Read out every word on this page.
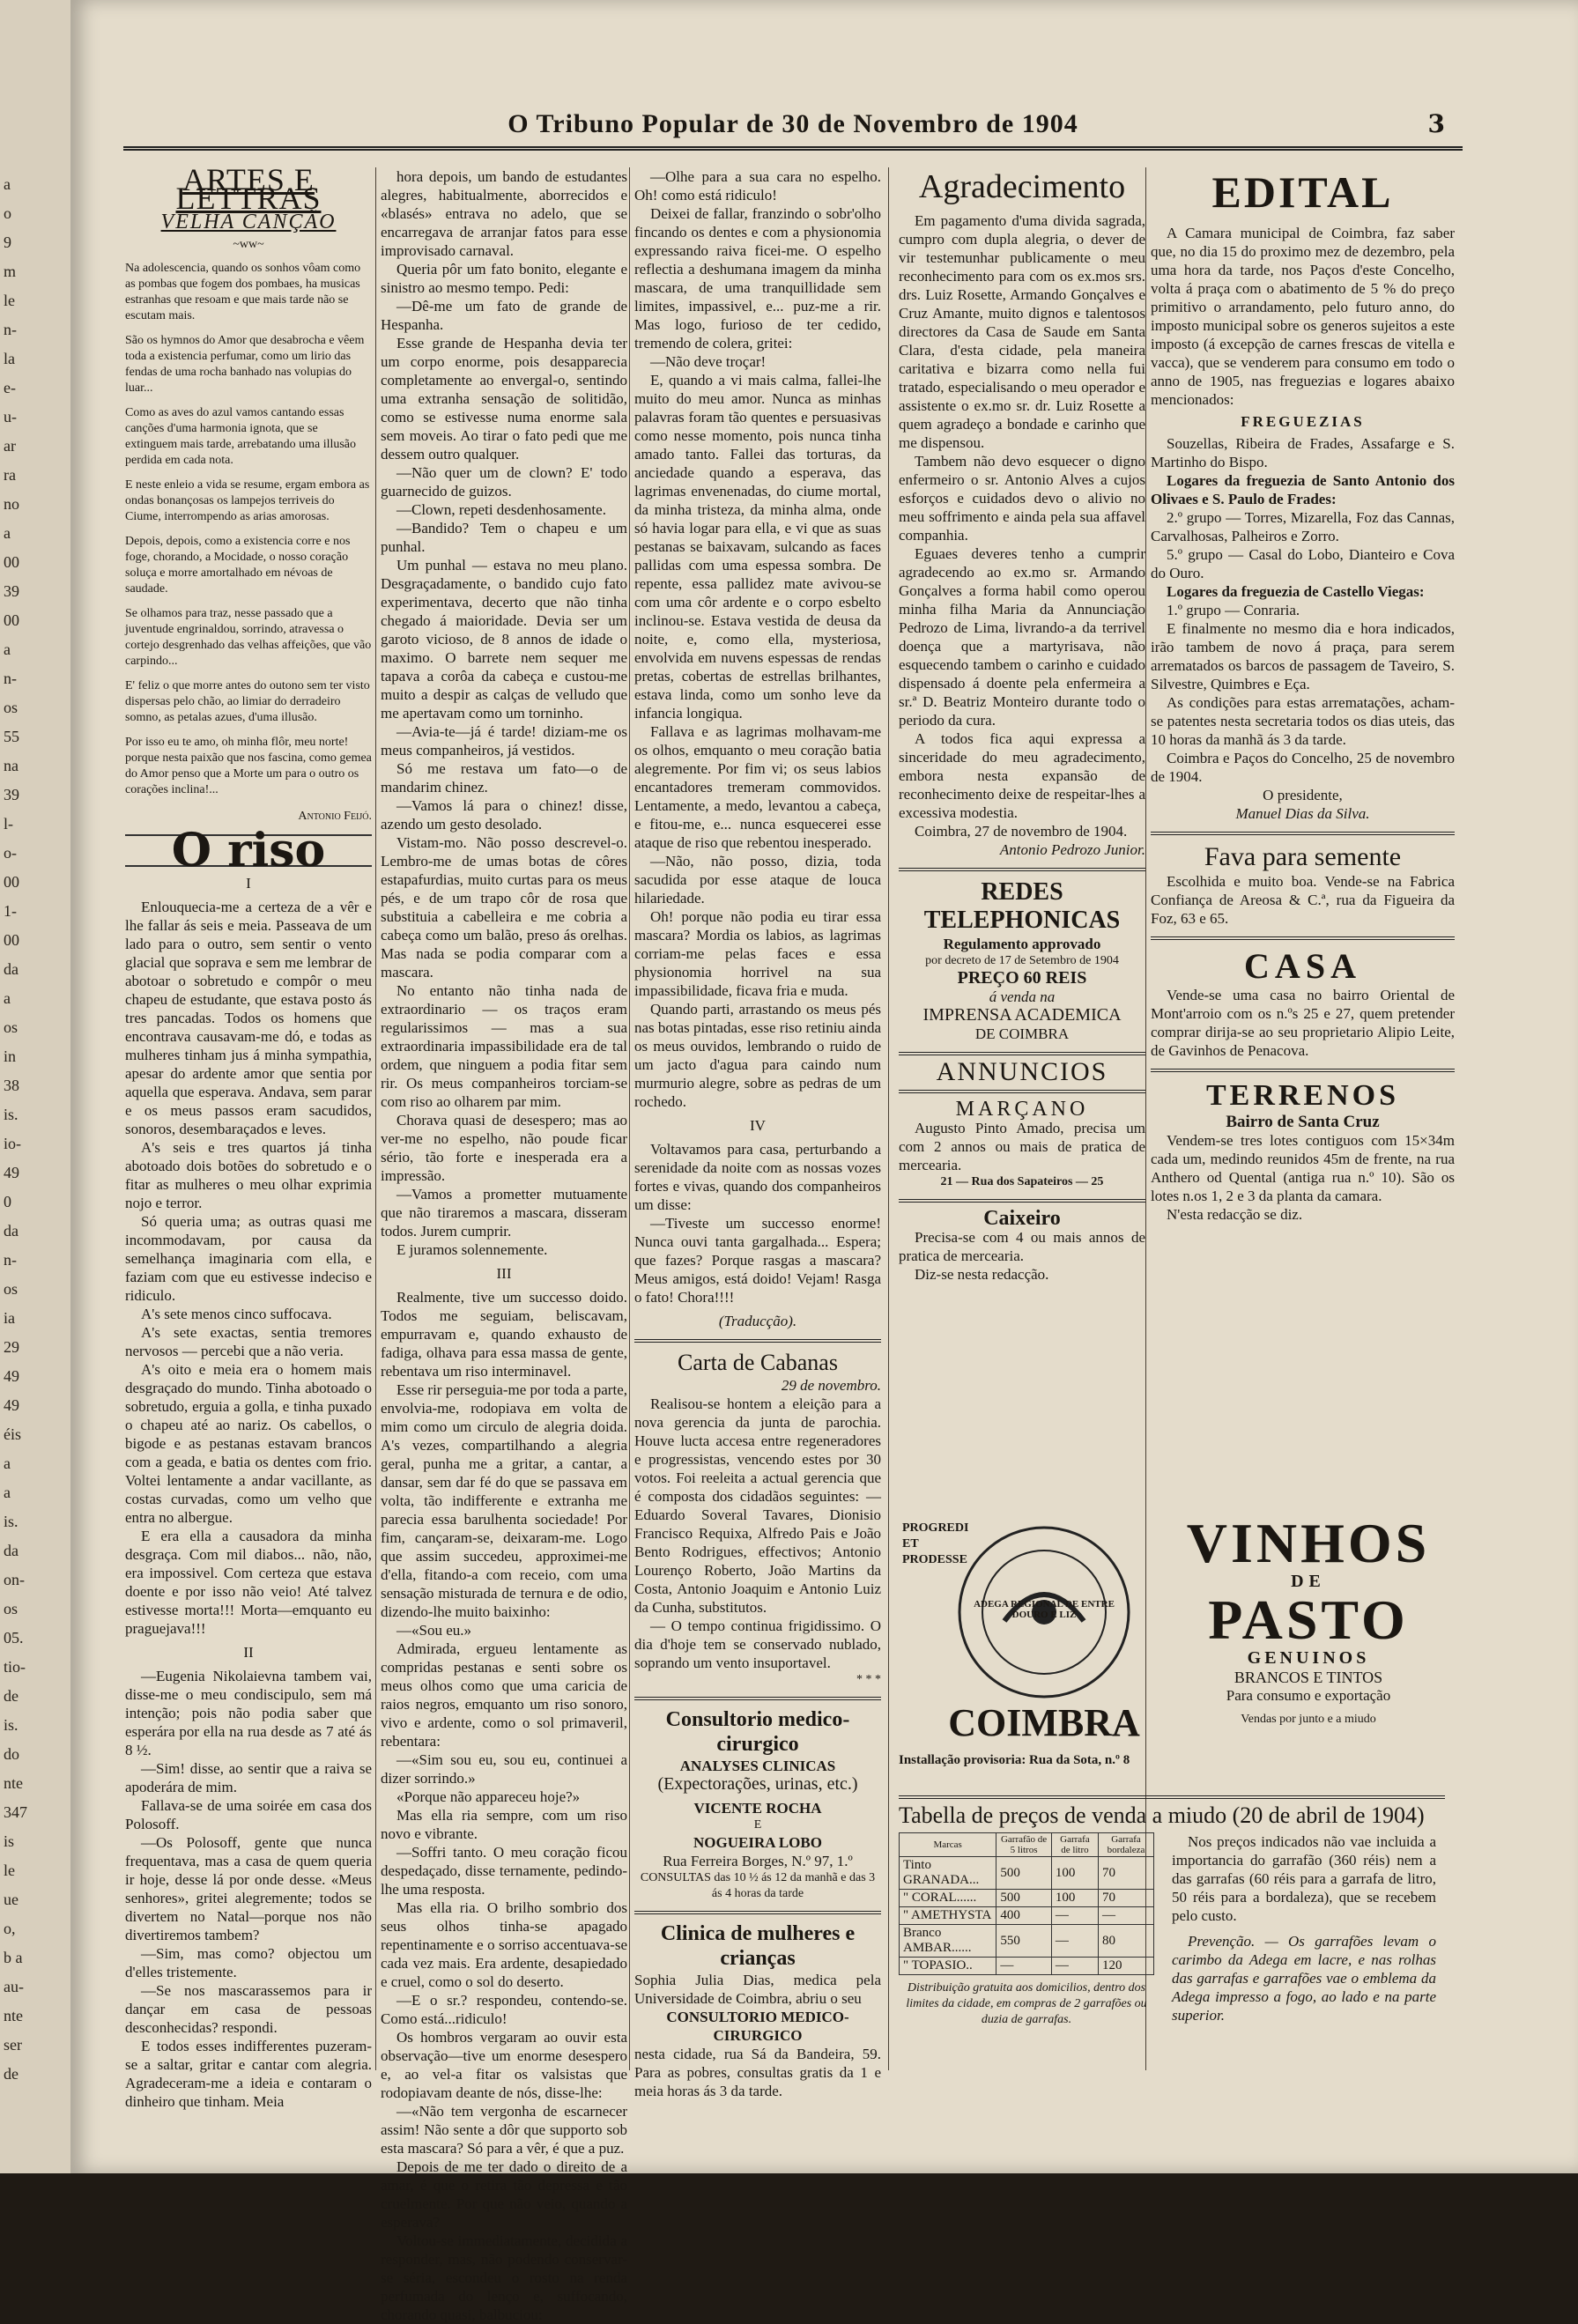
a
o
9
m
le
n-
la
e-
u-
ar
ra
no
a
00
39
00
a
n-
os
55
na
39
l-
o-
00
1-
00
da
a
os
in
38
is.
io-
49
0
da
n-
os
ia
29
49
49
éis
a
a
is.
da
on-
os
05.
tio-
de
is.
do
nte
347
is
le
ue
o,
b a
au-
nte
ser
de
O Tribuno Popular de 30 de Novembro de 1904	3
ARTES E LETTRAS
VELHA CANÇÃO
~ww~

Na adolescencia, quando os sonhos vôam como as pombas que fogem dos pombaes, ha musicas estranhas que resoam e que mais tarde não se escutam mais.

São os hymnos do Amor que desabrocha e vêem toda a existencia perfumar, como um lirio das fendas de uma rocha banhado nas volupias do luar...

Como as aves do azul vamos cantando essas canções d'uma harmonia ignota, que se extinguem mais tarde, arrebatando uma illusão perdida em cada nota.

E neste enleio a vida se resume, ergam embora as ondas bonançosas os lampejos terriveis do Ciume, interrompendo as arias amorosas.

Depois, depois, como a existencia corre e nos foge, chorando, a Mocidade, o nosso coração soluça e morre amortalhado em névoas de saudade.

Se olhamos para traz, nesse passado que a juventude engrinaldou, sorrindo, atravessa o cortejo desgrenhado das velhas affeições, que vão carpindo...

E' feliz o que morre antes do outono sem ter visto dispersas pelo chão, ao limiar do derradeiro somno, as petalas azues, d'uma illusão.

Por isso eu te amo, oh minha flôr, meu norte! porque nesta paixão que nos fascina, como gemea do Amor penso que a Morte um para o outro os corações inclina!...

Antonio Feijó.
O riso
I

Enlouquecia-me a certeza de a vêr e lhe fallar ás seis e meia. Passeava de um lado para o outro, sem sentir o vento glacial que soprava e sem me lembrar de abotoar o sobretudo e compôr o meu chapeu de estudante, que estava posto ás tres pancadas. Todos os homens que encontrava causavam-me dó, e todas as mulheres tinham jus á minha sympathia, apesar do ardente amor que sentia por aquella que esperava. Andava, sem parar e os meus passos eram sacudidos, sonoros, desembaraçados e leves.

A's seis e tres quartos já tinha abotoado dois botões do sobretudo e o fitar as mulheres o meu olhar exprimia nojo e terror.

Só queria uma; as outras quasi me incommodavam, por causa da semelhança imaginaria com ella, e faziam com que eu estivesse indeciso e ridiculo.

A's sete menos cinco suffocava.

A's sete exactas, sentia tremores nervosos — percebi que a não veria.

A's oito e meia era o homem mais desgraçado do mundo. Tinha abotoado o sobretudo, erguia a golla, e tinha puxado o chapeu até ao nariz. Os cabellos, o bigode e as pestanas estavam brancos com a geada, e batia os dentes com frio. Voltei lentamente a andar vacillante, as costas curvadas, como um velho que entra no albergue.

E era ella a causadora da minha desgraça. Com mil diabos... não, não, era impossivel. Com certeza que estava doente e por isso não veio! Até talvez estivesse morta!!! Morta—emquanto eu praguejava!!!

II

—Eugenia Nikolaievna tambem vai, disse-me o meu condiscipulo, sem má intenção; pois não podia saber que esperára por ella na rua desde as 7 até ás 8 ½.

—Sim! disse, ao sentir que a raiva se apoderára de mim.

Fallava-se de uma soirée em casa dos Polosoff.

—Os Polosoff, gente que nunca frequentava, mas a casa de quem queria ir hoje, desse lá por onde desse. «Meus senhores», gritei alegremente; todos se divertem no Natal—porque nos não divertiremos tambem?

—Sim, mas como? objectou um d'elles tristemente.

—Se nos mascarassemos para ir dançar em casa de pessoas desconhecidas? respondi.

E todos esses indifferentes puzeram-se a saltar, gritar e cantar com alegria. Agradeceram-me a ideia e contaram o dinheiro que tinham. Meia

hora depois, um bando de estudantes alegres, habitualmente, aborrecidos e «blasés» entrava no adelo, que se encarregava de arranjar fatos para esse improvisado carnaval.

Queria pôr um fato bonito, elegante e sinistro ao mesmo tempo. Pedi:

—Dê-me um fato de grande de Hespanha.

Esse grande de Hespanha devia ter um corpo enorme, pois desapparecia completamente ao envergal-o, sentindo uma extranha sensação de solitidão, como se estivesse numa enorme sala sem moveis. Ao tirar o fato pedi que me dessem outro qualquer.

—Não quer um de clown? E' todo guarnecido de guizos.

—Clown, repeti desdenhosamente.

—Bandido? Tem o chapeu e um punhal.

Um punhal — estava no meu plano. Desgraçadamente, o bandido cujo fato experimentava, decerto que não tinha chegado á maioridade. Devia ser um garoto vicioso, de 8 annos de idade o maximo. O barrete nem sequer me tapava a corôa da cabeça e custou-me muito a despir as calças de velludo que me apertavam como um torninho.

—Avia-te—já é tarde! diziam-me os meus companheiros, já vestidos.

Só me restava um fato—o de mandarim chinez.

—Vamos lá para o chinez! disse, azendo um gesto desolado.

Vistam-mo. Não posso descrevel-o. Lembro-me de umas botas de côres estapafurdias, muito curtas para os meus pés, e de um trapo côr de rosa que substituia a cabelleira e me cobria a cabeça como um balão, preso ás orelhas. Mas nada se podia comparar com a mascara.

No entanto não tinha nada de extraordinario — os traços eram regularissimos — mas a sua extraordinaria impassibilidade era de tal ordem, que ninguem a podia fitar sem rir. Os meus companheiros torciam-se com riso ao olharem par mim.

Chorava quasi de desespero; mas ao ver-me no espelho, não poude ficar sério, tão forte e inesperada era a impressão.

—Vamos a prometter mutuamente que não tiraremos a mascara, disseram todos. Jurem cumprir.

E juramos solennemente.

III

Realmente, tive um successo doido. Todos me seguiam, beliscavam, empurravam e, quando exhausto de fadiga, olhava para essa massa de gente, rebentava um riso interminavel.

Esse rir perseguia-me por toda a parte, envolvia-me, rodopiava em volta de mim como um circulo de alegria doida. A's vezes, compartilhando a alegria geral, punha me a gritar, a cantar, a dansar, sem dar fé do que se passava em volta, tão indifferente e extranha me parecia essa barulhenta sociedade! Por fim, cançaram-se, deixaram-me. Logo que assim succedeu, approximei-me d'ella, fitando-a com receio, com uma sensação misturada de ternura e de odio, dizendo-lhe muito baixinho:

—«Sou eu.»

Admirada, ergueu lentamente as compridas pestanas e senti sobre os meus olhos como que uma caricia de raios negros, emquanto um riso sonoro, vivo e ardente, como o sol primaveril, rebentara:

—«Sim sou eu, sou eu, continuei a dizer sorrindo.»

«Porque não appareceu hoje?»

Mas ella ria sempre, com um riso novo e vibrante.

—Soffri tanto. O meu coração ficou despedaçado, disse ternamente, pedindo-lhe uma resposta.

Mas ella ria. O brilho sombrio dos seus olhos tinha-se apagado repentinamente e o sorriso accentuava-se cada vez mais. Era ardente, desapiedado e cruel, como o sol do deserto.

—E o sr.? respondeu, contendo-se. Como está...ridiculo!

Os hombros vergaram ao ouvir esta observação—tive um enorme desespero e, ao vel-a fitar os valsistas que rodopiavam deante de nós, disse-lhe:

—«Não tem vergonha de escarnecer assim! Não sente a dôr que supporto sob esta mascara? Só para a vêr, é que a puz.

Depois de me ter dado o direito de a amar, é que o retira tão depressa e tão cruelmente. Por que não veio, quando a esperava?

Voltou-se immediatamente, decidida a responder, mas, não podendo conservar-se séria, escondeu o rosto na renda perfumada do lenço e, suffocando, chorando quasi, balbuciou:

—Olhe para a sua cara no espelho. Oh! como está ridiculo!

Deixei de fallar, franzindo o sobr'olho fincando os dentes e com a physionomia expressando raiva ficei-me. O espelho reflectia a deshumana imagem da minha mascara, de uma tranquillidade sem limites, impassivel, e... puz-me a rir. Mas logo, furioso de ter cedido, tremendo de colera, gritei:

—Não deve troçar!

E, quando a vi mais calma, fallei-lhe muito do meu amor. Nunca as minhas palavras foram tão quentes e persuasivas como nesse momento, pois nunca tinha amado tanto. Fallei das torturas, da anciedade quando a esperava, das lagrimas envenenadas, do ciume mortal, da minha tristeza, da minha alma, onde só havia logar para ella, e vi que as suas pestanas se baixavam, sulcando as faces pallidas com uma espessa sombra. De repente, essa pallidez mate avivou-se com uma côr ardente e o corpo esbelto inclinou-se. Estava vestida de deusa da noite, e, como ella, mysteriosa, envolvida em nuvens espessas de rendas pretas, cobertas de estrellas brilhantes, estava linda, como um sonho leve da infancia longiqua.

Fallava e as lagrimas molhavam-me os olhos, emquanto o meu coração batia alegremente. Por fim vi; os seus labios encantadores tremeram commovidos. Lentamente, a medo, levantou a cabeça, e fitou-me, e... nunca esquecerei esse ataque de riso que rebentou inesperado.

—Não, não posso, dizia, toda sacudida por esse ataque de louca hilariedade.

Oh! porque não podia eu tirar essa mascara? Mordia os labios, as lagrimas corriam-me pelas faces e essa physionomia horrivel na sua impassibilidade, ficava fria e muda.

Quando parti, arrastando os meus pés nas botas pintadas, esse riso retiniu ainda os meus ouvidos, lembrando o ruido de um jacto d'agua para caindo num murmurio alegre, sobre as pedras de um rochedo.

IV

Voltavamos para casa, perturbando a serenidade da noite com as nossas vozes fortes e vivas, quando dos companheiros um disse:

—Tiveste um successo enorme! Nunca ouvi tanta gargalhada... Espera; que fazes? Porque rasgas a mascara? Meus amigos, está doido! Vejam! Rasga o fato! Chora!!!!

(Traducção).
Carta de Cabanas
29 de novembro.

Realisou-se hontem a eleição para a nova gerencia da junta de parochia. Houve lucta accesa entre regeneradores e progressistas, vencendo estes por 30 votos. Foi reeleita a actual gerencia que é composta dos cidadãos seguintes: — Eduardo Soveral Tavares, Dionisio Francisco Requixa, Alfredo Pais e João Bento Rodrigues, effectivos; Antonio Lourenço Roberto, João Martins da Costa, Antonio Joaquim e Antonio Luiz da Cunha, substitutos.

— O tempo continua frigidissimo. O dia d'hoje tem se conservado nublado, soprando um vento insuportavel.

* * *
Consultorio medico-cirurgico
ANALYSES CLINICAS
(Expectorações, urinas, etc.)
VICENTE ROCHA
E
NOGUEIRA LOBO
Rua Ferreira Borges, N.º 97, 1.º
CONSULTAS das 10 ½ ás 12 da manhã e das 3 ás 4 horas da tarde
Clinica de mulheres e crianças
Sophia Julia Dias, medica pela Universidade de Coimbra, abriu o seu
CONSULTORIO MEDICO-CIRURGICO
nesta cidade, rua Sá da Bandeira, 59. Para as pobres, consultas gratis da 1 e meia horas ás 3 da tarde.
Agradecimento

Em pagamento d'uma divida sagrada, cumpro com dupla alegria, o dever de vir testemunhar publicamente o meu reconhecimento para com os ex.mos srs. drs. Luiz Rosette, Armando Gonçalves e Cruz Amante, muito dignos e talentosos directores da Casa de Saude em Santa Clara, d'esta cidade, pela maneira caritativa e bizarra como nella fui tratado, especialisando o meu operador e assistente o ex.mo sr. dr. Luiz Rosette a quem agradeço a bondade e carinho que me dispensou.

Tambem não devo esquecer o digno enfermeiro o sr. Antonio Alves a cujos esforços e cuidados devo o alivio no meu soffrimento e ainda pela sua affavel companhia.

Eguaes deveres tenho a cumprir agradecendo ao ex.mo sr. Armando Gonçalves a forma habil como operou minha filha Maria da Annunciação Pedrozo de Lima, livrando-a da terrivel doença que a martyrisava, não esquecendo tambem o carinho e cuidado dispensado á doente pela enfermeira a sr.ª D. Beatriz Monteiro durante todo o periodo da cura.

A todos fica aqui expressa a sinceridade do meu agradecimento, embora nesta expansão de reconhecimento deixe de respeitar-lhes a excessiva modestia.

Coimbra, 27 de novembro de 1904.

Antonio Pedrozo Junior.
REDES TELEPHONICAS
Regulamento approvado
por decreto de 17 de Setembro de 1904
PREÇO 60 REIS
á venda na
IMPRENSA ACADEMICA
DE COIMBRA
ANNUNCIOS
MARÇANO

Augusto Pinto Amado, precisa um com 2 annos ou mais de pratica de mercearia.

21 — Rua dos Sapateiros — 25
Caixeiro

Precisa-se com 4 ou mais annos de pratica de mercearia.

Diz-se nesta redacção.

PROGREDI ET PRODESSE
ADEGA REGIONAL DE ENTRE DOURO E LIZ
COIMBRA
Installação provisoria: Rua da Sota, n.º 8
VINHOS
DE
PASTO
GENUINOS
BRANCOS E TINTOS
Para consumo e exportação
Vendas por junto e a miudo
Tabella de preços de venda a miudo (20 de abril de 1904)
Marcas	Garrafão de 5 litros	Garrafa de litro	Garrafa bordaleza
Tinto GRANADA...	500	100	70
" CORAL......	500	100	70
" AMETHYSTA	400	—	—
Branco AMBAR......	550	—	80
" TOPASIO..	—	—	120
Distribuição gratuita aos domicilios, dentro dos limites da cidade, em compras de 2 garrafões ou duzia de garrafas.

Nos preços indicados não vae incluida a importancia do garrafão (360 réis) nem a das garrafas (60 réis para a garrafa de litro, 50 réis para a bordaleza), que se recebem pelo custo.

Prevenção. — Os garrafões levam o carimbo da Adega em lacre, e nas rolhas das garrafas e garrafões vae o emblema da Adega impresso a fogo, ao lado e na parte superior.

EDITAL

A Camara municipal de Coimbra, faz saber que, no dia 15 do proximo mez de dezembro, pela uma hora da tarde, nos Paços d'este Concelho, volta á praça com o abatimento de 5 % do preço primitivo o arrandamento, pelo futuro anno, do imposto municipal sobre os generos sujeitos a este imposto (á excepção de carnes frescas de vitella e vacca), que se venderem para consumo em todo o anno de 1905, nas freguezias e logares abaixo mencionados:

FREGUEZIAS

Souzellas, Ribeira de Frades, Assafarge e S. Martinho do Bispo.

Logares da freguezia de Santo Antonio dos Olivaes e S. Paulo de Frades:

2.º grupo — Torres, Mizarella, Foz das Cannas, Carvalhosas, Palheiros e Zorro.

5.º grupo — Casal do Lobo, Dianteiro e Cova do Ouro.

Logares da freguezia de Castello Viegas:

1.º grupo — Conraria.

E finalmente no mesmo dia e hora indicados, irão tambem de novo á praça, para serem arrematados os barcos de passagem de Taveiro, S. Silvestre, Quimbres e Eça.

As condições para estas arrematações, acham-se patentes nesta secretaria todos os dias uteis, das 10 horas da manhã ás 3 da tarde.

Coimbra e Paços do Concelho, 25 de novembro de 1904.

O presidente,
Manuel Dias da Silva.
Fava para semente

Escolhida e muito boa. Vende-se na Fabrica Confiança de Areosa & C.ª, rua da Figueira da Foz, 63 e 65.

CASA

Vende-se uma casa no bairro Oriental de Mont'arroio com os n.ºs 25 e 27, quem pretender comprar dirija-se ao seu proprietario Alipio Leite, de Gavinhos de Penacova.

TERRENOS
Bairro de Santa Cruz

Vendem-se tres lotes contiguos com 15×34m cada um, medindo reunidos 45m de frente, na rua Anthero od Quental (antiga rua n.º 10). São os lotes n.os 1, 2 e 3 da planta da camara.

N'esta redacção se diz.
